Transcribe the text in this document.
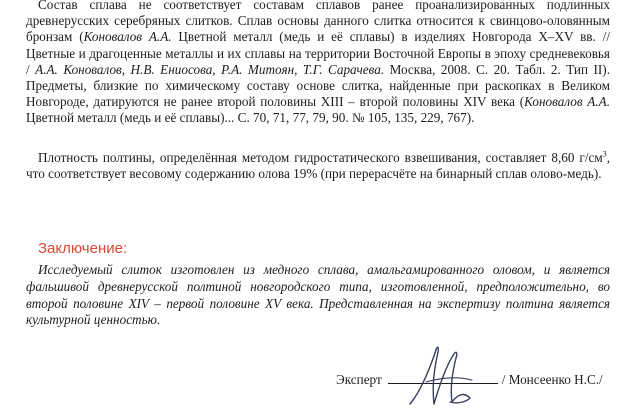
Состав сплава не соответствует составам сплавов ранее проанализированных подлинных древнерусских серебряных слитков. Сплав основы данного слитка относится к свинцово-оловянным бронзам (Коновалов А.А. Цветной металл (медь и её сплавы) в изделиях Новгорода X–XV вв. // Цветные и драгоценные металлы и их сплавы на территории Восточной Европы в эпоху средневековья / А.А. Коновалов, Н.В. Ениосова, Р.А. Митоян, Т.Г. Сарачева. Москва, 2008. С. 20. Табл. 2. Тип II). Предметы, близкие по химическому составу основе слитка, найденные при раскопках в Великом Новгороде, датируются не ранее второй половины XIII – второй половины XIV века (Коновалов А.А. Цветной металл (медь и её сплавы)... С. 70, 71, 77, 79, 90. № 105, 135, 229, 767).

Плотность полтины, определённая методом гидростатического взвешивания, составляет 8,60 $г/см^3$, что соответствует весовому содержанию олова 19% (при перерасчёте на бинарный сплав олово-медь).

Заключение:

Исследуемый слиток изготовлен из медного сплава, амальгамированного оловом, и является фальшивой древнерусской полтиной новгородского типа, изготовленной, предположительно, во второй половине XIV – первой половине XV века. Представленная на экспертизу полтина является культурной ценностью.

Эксперт	/ Монсеенко Н.С./
